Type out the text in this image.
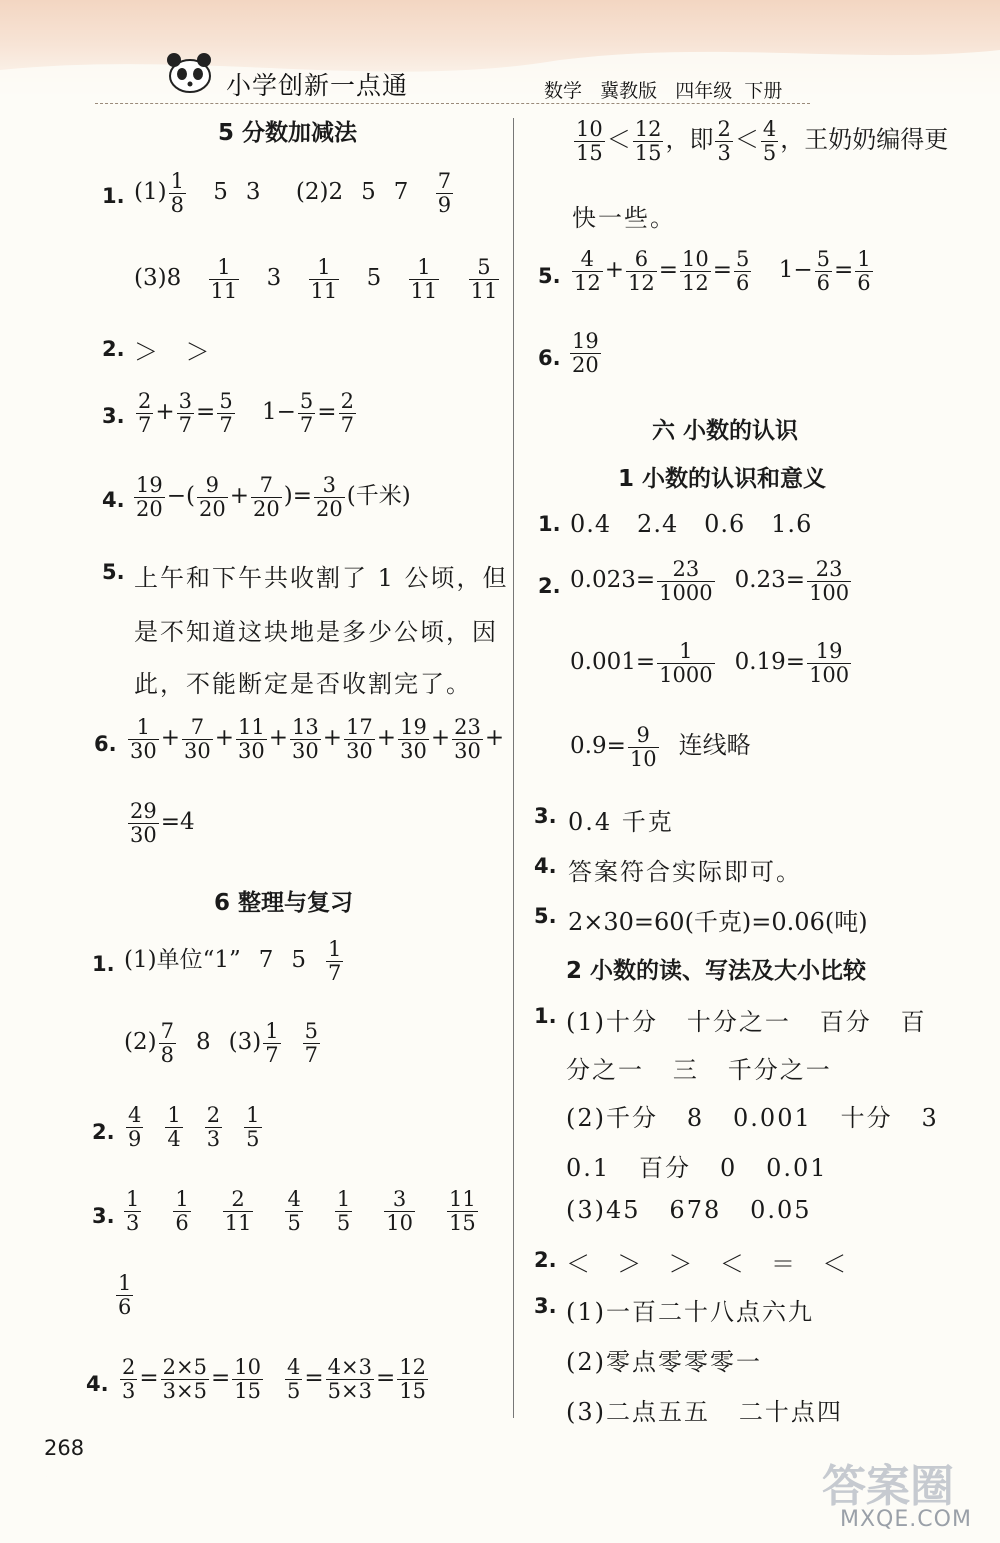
小学创新一点通	数学   冀教版   四年级  下册
5 分数加减法
1. $(1) \frac{1}{8} 5$ 3 (2)2 5 $7 \frac{7}{9}$
$(3)8 \frac{1}{11} 3 \frac{1}{11} 5 \frac{1}{11}$
$\frac{5}{11}$
2. ＞ ＞
3. $\frac{2}{7} + \frac{3}{7} = \frac{5}{7} 1- \frac{5}{7} = \frac{2}{7}$
4. $\frac{19}{20}$ −( $\frac{9}{20} + \frac{7}{20}$ )= $\frac{3}{20}$ (千米)
5. 上午和下午共收割了 1 公顷，但
是不知道这块地是多少公顷，因
此，不能断定是否收割完了。
6. $\frac{1}{30} + \frac{7}{30} + \frac{11}{30} + \frac{13}{30} + \frac{17}{30} + \frac{19}{30} + \frac{23}{30}$ +
$\frac{29}{30} =4$
6 整理与复习
1. (1)单位“1” 7 $5 \frac{1}{7}$
$(2) \frac{7}{8} 8$ $(3) \frac{1}{7} \frac{5}{7}$
2. $\frac{4}{9} \frac{1}{4} \frac{2}{3} \frac{1}{5}$
3. $\frac{1}{3} \frac{1}{6} \frac{2}{11} \frac{4}{5} \frac{1}{5} \frac{3}{10} \frac{11}{15}$
$\frac{1}{6}$
4. $\frac{2}{3} = \frac{2\times 5}{3\times 5} = \frac{10}{15} \frac{4}{5} = \frac{4\times 3}{5\times 3} = \frac{12}{15}$
$\frac{10}{15} < \frac{12}{15}$ ，即 $\frac{2}{3} < \frac{4}{5}$ ，王奶奶编得更
快一些。
5. $\frac{4}{12} + \frac{6}{12} = \frac{10}{12} = \frac{5}{6} 1- \frac{5}{6} = \frac{1}{6}$
6. $\frac{19}{20}$
六 小数的认识
1 小数的认识和意义
1. 0.4   2.4   0.6   1.6
2. $0.023= \frac{23}{1000} 0.23= \frac{23}{100}$
$0.001= \frac{1}{1000} 0.19= \frac{19}{100}$
$0.9= \frac{9}{10}$ 连线略
3. 0.4 千克
4. 答案符合实际即可。
5. 2×30=60(千克)=0.06(吨)
2 小数的读、写法及大小比较
1. (1)十分   十分之一   百分   百
分之一   三   千分之一
(2)千分   8   0.001   十分   3
0.1   百分   0   0.01
(3)45   678   0.05
2. ＜  ＞  ＞  ＜  ＝  ＜
3. (1)一百二十八点六九
(2)零点零零零一
(3)二点五五   二十点四
268
答案圈
MXQE.COM
